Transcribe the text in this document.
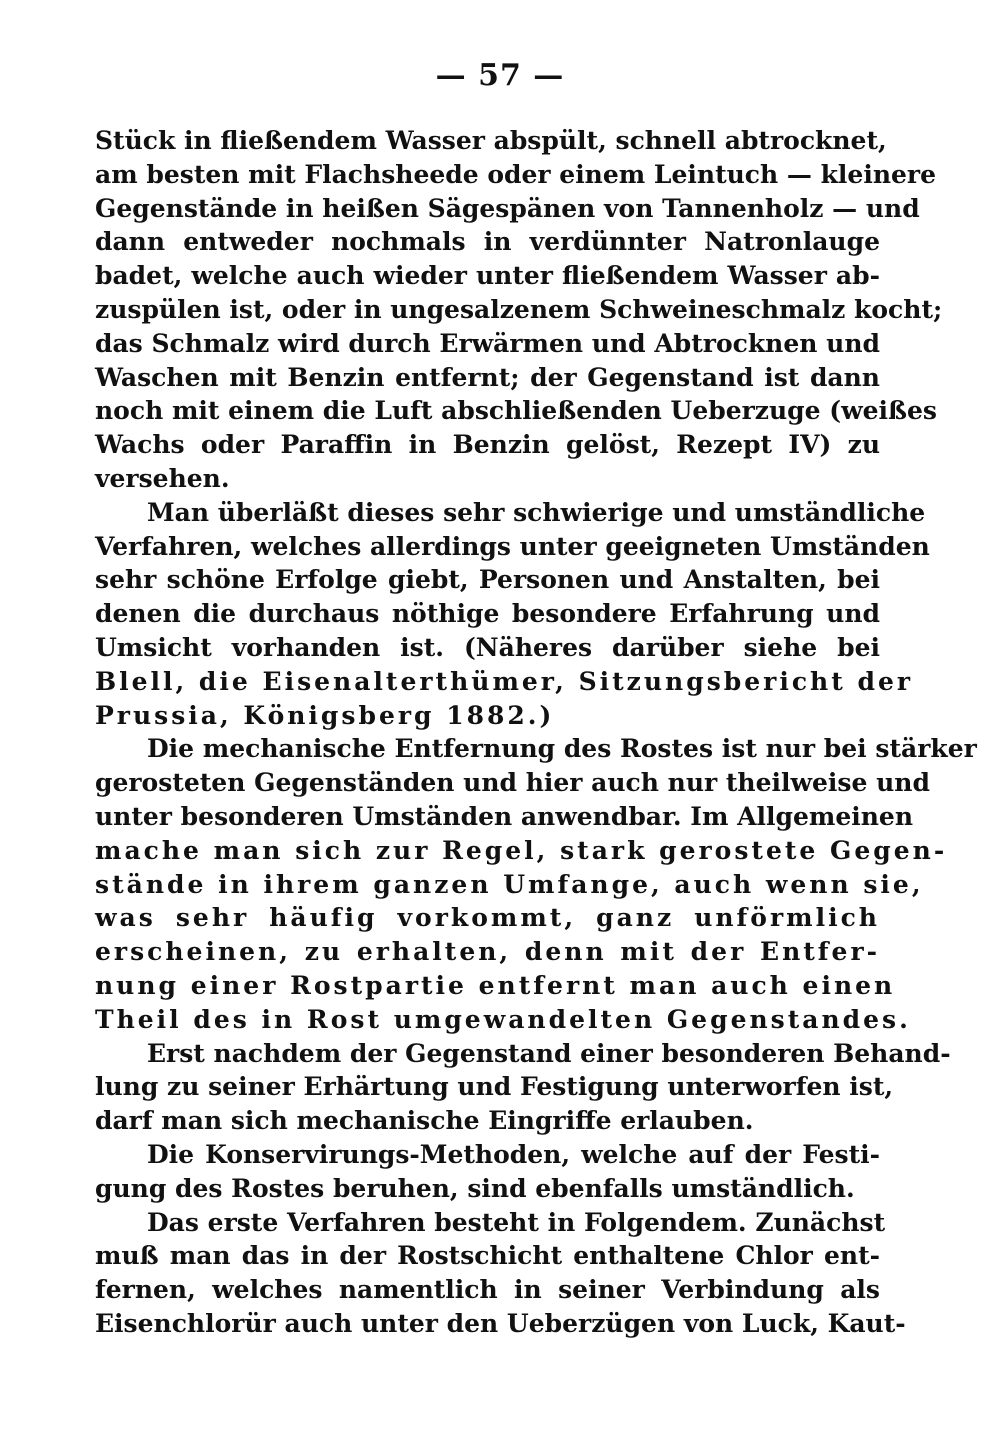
— 57 —
Stück in fließendem Wasser abspült, schnell abtrocknet,
am besten mit Flachsheede oder einem Leintuch — kleinere
Gegenstände in heißen Sägespänen von Tannenholz — und
dann entweder nochmals in verdünnter Natronlauge
badet, welche auch wieder unter fließendem Wasser ab-
zuspülen ist, oder in ungesalzenem Schweineschmalz kocht;
das Schmalz wird durch Erwärmen und Abtrocknen und
Waschen mit Benzin entfernt; der Gegenstand ist dann
noch mit einem die Luft abschließenden Ueberzuge (weißes
Wachs oder Paraffin in Benzin gelöst, Rezept IV) zu
versehen.
Man überläßt dieses sehr schwierige und umständliche
Verfahren, welches allerdings unter geeigneten Umständen
sehr schöne Erfolge giebt, Personen und Anstalten, bei
denen die durchaus nöthige besondere Erfahrung und
Umsicht vorhanden ist. (Näheres darüber siehe bei
Blell, die Eisenalterthümer, Sitzungsbericht der
Prussia, Königsberg 1882.)
Die mechanische Entfernung des Rostes ist nur bei stärker
gerosteten Gegenständen und hier auch nur theilweise und
unter besonderen Umständen anwendbar. Im Allgemeinen
mache man sich zur Regel, stark gerostete Gegen-
stände in ihrem ganzen Umfange, auch wenn sie,
was sehr häufig vorkommt, ganz unförmlich
erscheinen, zu erhalten, denn mit der Entfer-
nung einer Rostpartie entfernt man auch einen
Theil des in Rost umgewandelten Gegenstandes.
Erst nachdem der Gegenstand einer besonderen Behand-
lung zu seiner Erhärtung und Festigung unterworfen ist,
darf man sich mechanische Eingriffe erlauben.
Die Konservirungs-Methoden, welche auf der Festi-
gung des Rostes beruhen, sind ebenfalls umständlich.
Das erste Verfahren besteht in Folgendem. Zunächst
muß man das in der Rostschicht enthaltene Chlor ent-
fernen, welches namentlich in seiner Verbindung als
Eisenchlorür auch unter den Ueberzügen von Luck, Kaut-
